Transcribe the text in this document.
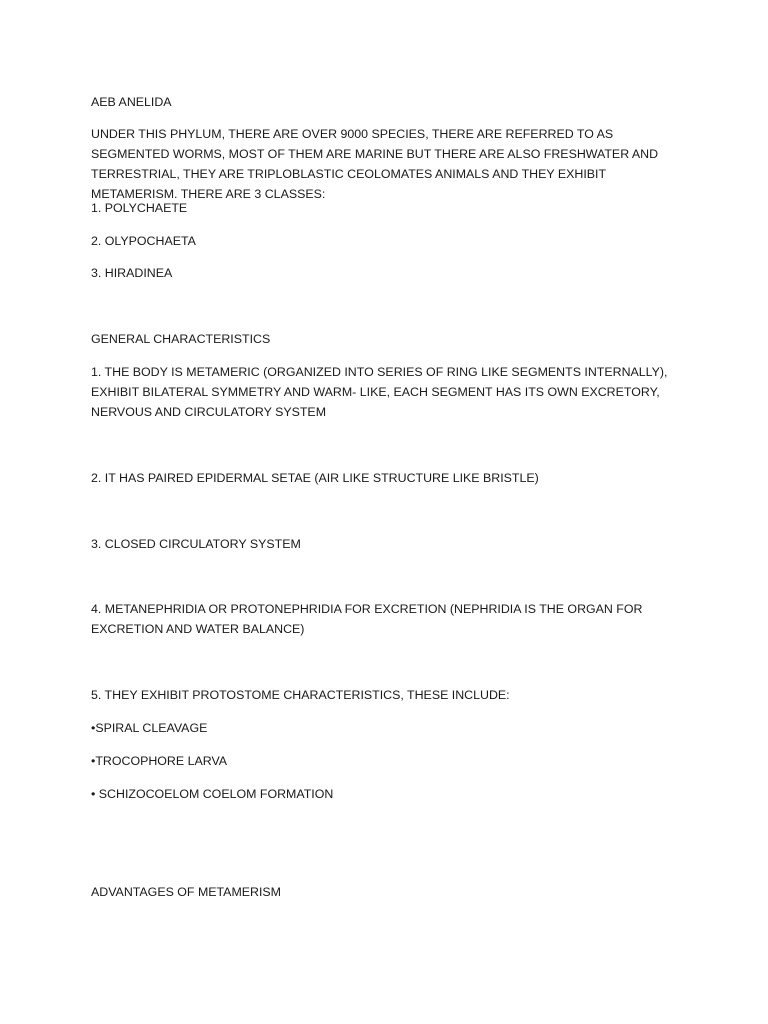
AEB ANELIDA

UNDER THIS PHYLUM, THERE ARE OVER 9000 SPECIES, THERE ARE REFERRED TO AS SEGMENTED WORMS, MOST OF THEM ARE MARINE BUT THERE ARE ALSO FRESHWATER AND TERRESTRIAL, THEY ARE TRIPLOBLASTIC CEOLOMATES ANIMALS AND THEY EXHIBIT METAMERISM. THERE ARE 3 CLASSES:

1. POLYCHAETE

2. OLYPOCHAETA

3. HIRADINEA

GENERAL CHARACTERISTICS

1. THE BODY IS METAMERIC (ORGANIZED INTO SERIES OF RING LIKE SEGMENTS INTERNALLY), EXHIBIT BILATERAL SYMMETRY AND WARM- LIKE, EACH SEGMENT HAS ITS OWN EXCRETORY, NERVOUS AND CIRCULATORY SYSTEM

2. IT HAS PAIRED EPIDERMAL SETAE (AIR LIKE STRUCTURE LIKE BRISTLE)

3. CLOSED CIRCULATORY SYSTEM

4. METANEPHRIDIA OR PROTONEPHRIDIA FOR EXCRETION (NEPHRIDIA IS THE ORGAN FOR EXCRETION AND WATER BALANCE)

5. THEY EXHIBIT PROTOSTOME CHARACTERISTICS, THESE INCLUDE:

•SPIRAL CLEAVAGE

•TROCOPHORE LARVA

• SCHIZOCOELOM COELOM FORMATION

ADVANTAGES OF METAMERISM
